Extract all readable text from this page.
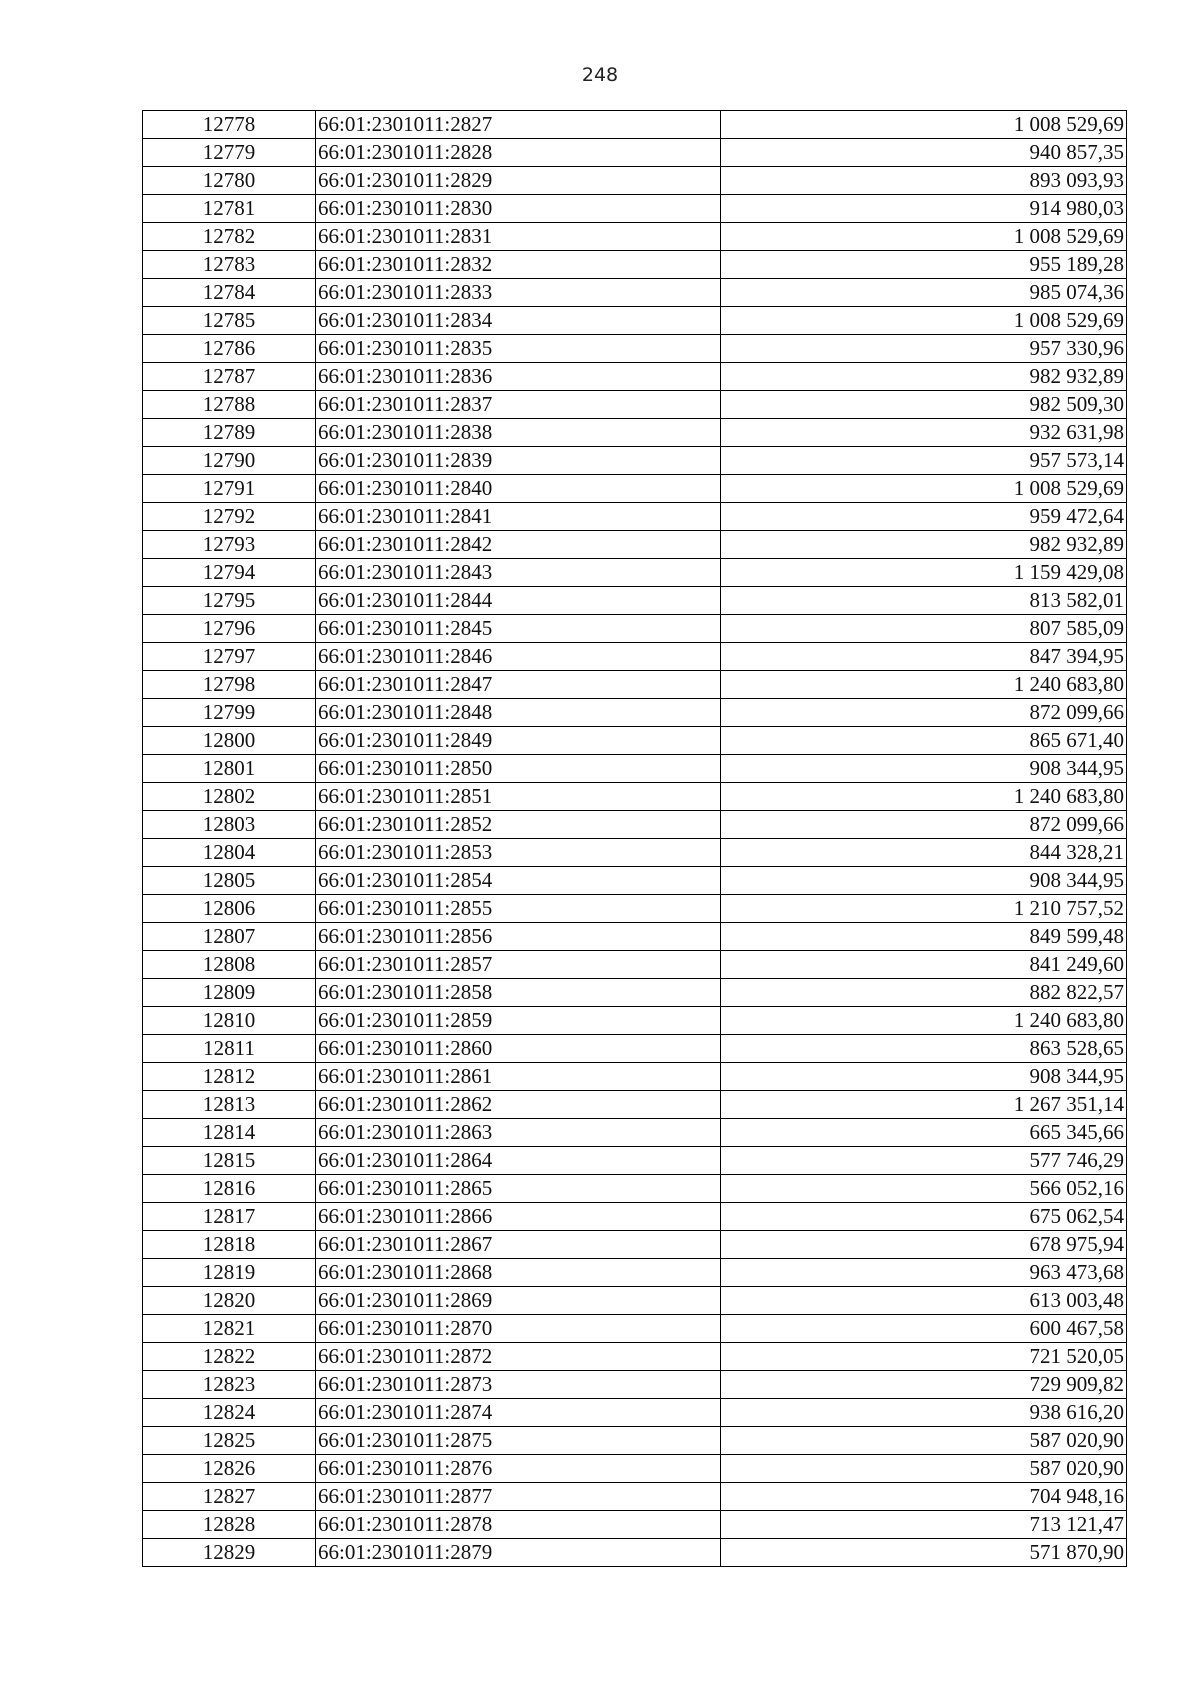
248
12778	66:01:2301011:2827	1 008 529,69
12779	66:01:2301011:2828	940 857,35
12780	66:01:2301011:2829	893 093,93
12781	66:01:2301011:2830	914 980,03
12782	66:01:2301011:2831	1 008 529,69
12783	66:01:2301011:2832	955 189,28
12784	66:01:2301011:2833	985 074,36
12785	66:01:2301011:2834	1 008 529,69
12786	66:01:2301011:2835	957 330,96
12787	66:01:2301011:2836	982 932,89
12788	66:01:2301011:2837	982 509,30
12789	66:01:2301011:2838	932 631,98
12790	66:01:2301011:2839	957 573,14
12791	66:01:2301011:2840	1 008 529,69
12792	66:01:2301011:2841	959 472,64
12793	66:01:2301011:2842	982 932,89
12794	66:01:2301011:2843	1 159 429,08
12795	66:01:2301011:2844	813 582,01
12796	66:01:2301011:2845	807 585,09
12797	66:01:2301011:2846	847 394,95
12798	66:01:2301011:2847	1 240 683,80
12799	66:01:2301011:2848	872 099,66
12800	66:01:2301011:2849	865 671,40
12801	66:01:2301011:2850	908 344,95
12802	66:01:2301011:2851	1 240 683,80
12803	66:01:2301011:2852	872 099,66
12804	66:01:2301011:2853	844 328,21
12805	66:01:2301011:2854	908 344,95
12806	66:01:2301011:2855	1 210 757,52
12807	66:01:2301011:2856	849 599,48
12808	66:01:2301011:2857	841 249,60
12809	66:01:2301011:2858	882 822,57
12810	66:01:2301011:2859	1 240 683,80
12811	66:01:2301011:2860	863 528,65
12812	66:01:2301011:2861	908 344,95
12813	66:01:2301011:2862	1 267 351,14
12814	66:01:2301011:2863	665 345,66
12815	66:01:2301011:2864	577 746,29
12816	66:01:2301011:2865	566 052,16
12817	66:01:2301011:2866	675 062,54
12818	66:01:2301011:2867	678 975,94
12819	66:01:2301011:2868	963 473,68
12820	66:01:2301011:2869	613 003,48
12821	66:01:2301011:2870	600 467,58
12822	66:01:2301011:2872	721 520,05
12823	66:01:2301011:2873	729 909,82
12824	66:01:2301011:2874	938 616,20
12825	66:01:2301011:2875	587 020,90
12826	66:01:2301011:2876	587 020,90
12827	66:01:2301011:2877	704 948,16
12828	66:01:2301011:2878	713 121,47
12829	66:01:2301011:2879	571 870,90
